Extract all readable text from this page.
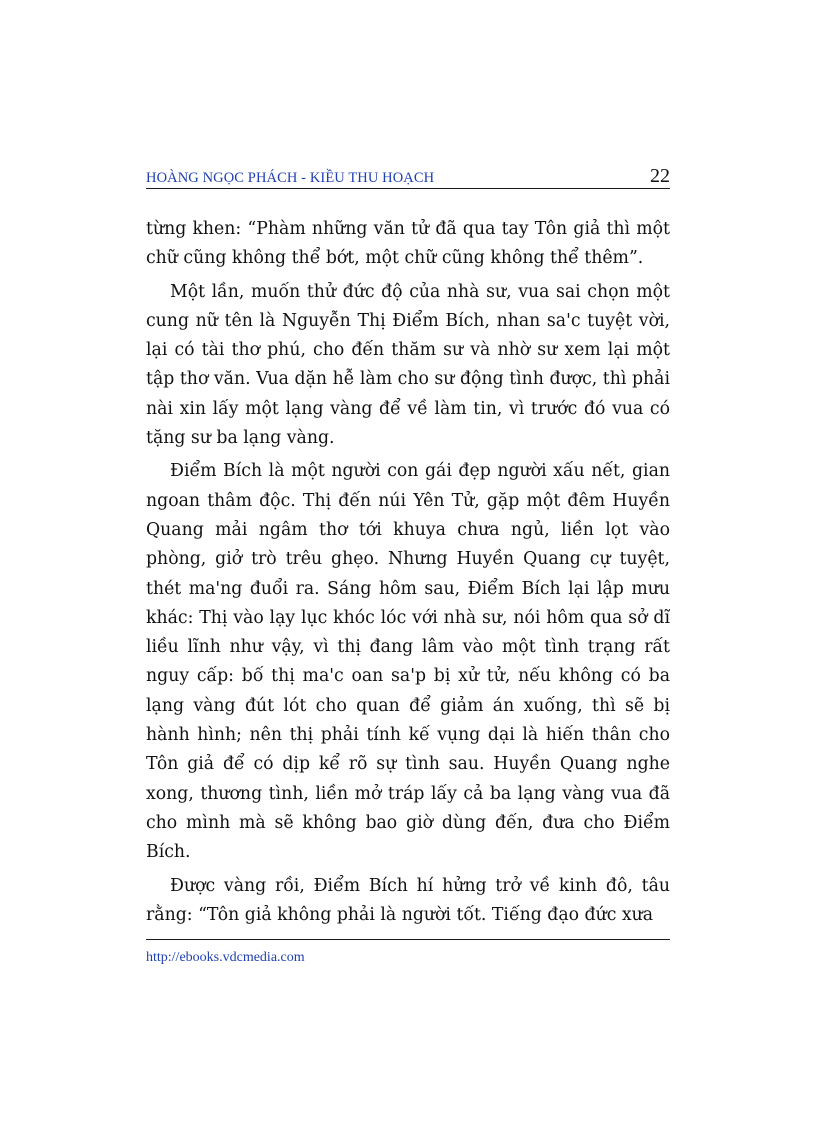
HOÀNG NGỌC PHÁCH - KIỀU THU HOẠCH	22

từng khen: “Phàm những văn tử đã qua tay Tôn giả thì một chữ cũng không thể bớt, một chữ cũng không thể thêm”.

Một lần, muốn thử đức độ của nhà sư, vua sai chọn một cung nữ tên là Nguyễn Thị Điểm Bích, nhan sa'c tuyệt vời, lại có tài thơ phú, cho đến thăm sư và nhờ sư xem lại một tập thơ văn. Vua dặn hễ làm cho sư động tình được, thì phải nài xin lấy một lạng vàng để về làm tin, vì trước đó vua có tặng sư ba lạng vàng.

Điểm Bích là một người con gái đẹp người xấu nết, gian ngoan thâm độc. Thị đến núi Yên Tử, gặp một đêm Huyền Quang mải ngâm thơ tới khuya chưa ngủ, liền lọt vào phòng, giở trò trêu ghẹo. Nhưng Huyền Quang cự tuyệt, thét ma'ng đuổi ra. Sáng hôm sau, Điểm Bích lại lập mưu khác: Thị vào lạy lục khóc lóc với nhà sư, nói hôm qua sở dĩ liều lĩnh như vậy, vì thị đang lâm vào một tình trạng rất nguy cấp: bố thị ma'c oan sa'p bị xử tử, nếu không có ba lạng vàng đút lót cho quan để giảm án xuống, thì sẽ bị hành hình; nên thị phải tính kế vụng dại là hiến thân cho Tôn giả để có dịp kể rõ sự tình sau. Huyền Quang nghe xong, thương tình, liền mở tráp lấy cả ba lạng vàng vua đã cho mình mà sẽ không bao giờ dùng đến, đưa cho Điểm Bích.

Được vàng rồi, Điểm Bích hí hửng trở về kinh đô, tâu rằng: “Tôn giả không phải là người tốt. Tiếng đạo đức xưa

http://ebooks.vdcmedia.com
